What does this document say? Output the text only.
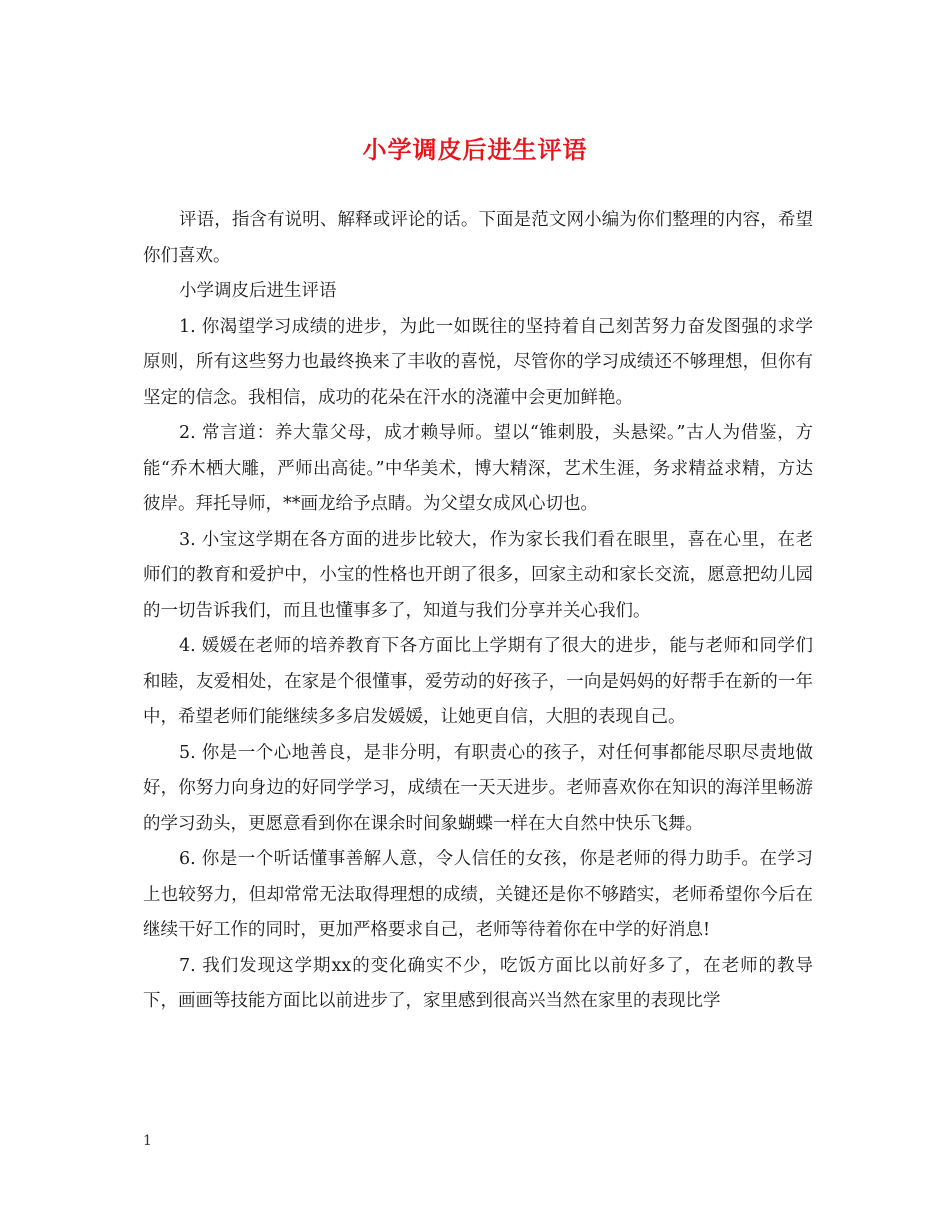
小学调皮后进生评语

评语，指含有说明、解释或评论的话。下面是范文网小编为你们整理的内容，希望你们喜欢。

小学调皮后进生评语

1. 你渴望学习成绩的进步，为此一如既往的坚持着自己刻苦努力奋发图强的求学原则，所有这些努力也最终换来了丰收的喜悦，尽管你的学习成绩还不够理想，但你有坚定的信念。我相信，成功的花朵在汗水的浇灌中会更加鲜艳。

2. 常言道：养大靠父母，成才赖导师。望以“锥刺股，头悬梁。”古人为借鉴，方能“乔木栖大雕，严师出高徒。”中华美术，博大精深，艺术生涯，务求精益求精，方达彼岸。拜托导师，**画龙给予点睛。为父望女成风心切也。

3. 小宝这学期在各方面的进步比较大，作为家长我们看在眼里，喜在心里，在老师们的教育和爱护中，小宝的性格也开朗了很多，回家主动和家长交流，愿意把幼儿园的一切告诉我们，而且也懂事多了，知道与我们分享并关心我们。

4. 媛媛在老师的培养教育下各方面比上学期有了很大的进步，能与老师和同学们和睦，友爱相处，在家是个很懂事，爱劳动的好孩子，一向是妈妈的好帮手在新的一年中，希望老师们能继续多多启发媛媛，让她更自信，大胆的表现自己。

5. 你是一个心地善良，是非分明，有职责心的孩子，对任何事都能尽职尽责地做好，你努力向身边的好同学学习，成绩在一天天进步。老师喜欢你在知识的海洋里畅游的学习劲头，更愿意看到你在课余时间象蝴蝶一样在大自然中快乐飞舞。

6. 你是一个听话懂事善解人意，令人信任的女孩，你是老师的得力助手。在学习上也较努力，但却常常无法取得理想的成绩，关键还是你不够踏实，老师希望你今后在继续干好工作的同时，更加严格要求自己，老师等待着你在中学的好消息!

7. 我们发现这学期xx的变化确实不少，吃饭方面比以前好多了，在老师的教导下，画画等技能方面比以前进步了，家里感到很高兴当然在家里的表现比学

1
